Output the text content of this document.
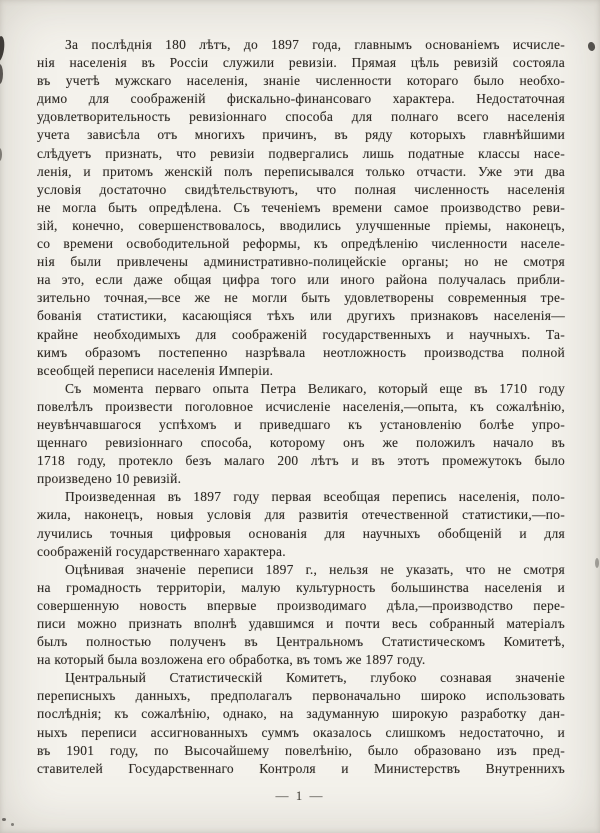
За послѣднія 180 лѣтъ, до 1897 года, главнымъ основаніемъ исчисле-
нія населенія въ Россіи служили ревизіи. Прямая цѣль ревизій состояла
въ учетѣ мужскаго населенія, знаніе численности котораго было необхо-
димо для соображеній фискально-финансоваго характера. Недостаточная
удовлетворительность ревизіоннаго способа для полнаго всего населенія
учета зависѣла отъ многихъ причинъ, въ ряду которыхъ главнѣйшими
слѣдуетъ признать, что ревизіи подвергались лишь податные классы насе-
ленія, и притомъ женскій полъ переписывался только отчасти. Уже эти два
условія достаточно свидѣтельствуютъ, что полная численность населенія
не могла быть опредѣлена. Съ теченіемъ времени самое производство реви-
зій, конечно, совершенствовалось, вводились улучшенные пріемы, наконецъ,
со времени освободительной реформы, къ опредѣленію численности населе-
нія были привлечены административно-полицейскіе органы; но не смотря
на это, если даже общая цифра того или иного района получалась прибли-
зительно точная,—все же не могли быть удовлетворены современныя тре-
бованія статистики, касающіяся тѣхъ или другихъ признаковъ населенія—
крайне необходимыхъ для соображеній государственныхъ и научныхъ. Та-
кимъ образомъ постепенно назрѣвала неотложность производства полной
всеобщей переписи населенія Имперіи.
Съ момента перваго опыта Петра Великаго, который еще въ 1710 году
повелѣлъ произвести поголовное исчисленіе населенія,—опыта, къ сожалѣнію,
неувѣнчавшагося успѣхомъ и приведшаго къ установленію болѣе упро-
щеннаго ревизіоннаго способа, которому онъ же положилъ начало въ
1718 году, протекло безъ малаго 200 лѣтъ и въ этотъ промежутокъ было
произведено 10 ревизій.
Произведенная въ 1897 году первая всеобщая перепись населенія, поло-
жила, наконецъ, новыя условія для развитія отечественной статистики,—по-
лучились точныя цифровыя основанія для научныхъ обобщеній и для
соображеній государственнаго характера.
Оцѣнивая значеніе переписи 1897 г., нельзя не указать, что не смотря
на громадность территоріи, малую культурность большинства населенія и
совершенную новость впервые производимаго дѣла,—производство пере-
писи можно признать вполнѣ удавшимся и почти весь собранный матеріалъ
былъ полностью полученъ въ Центральномъ Статистическомъ Комитетѣ,
на который была возложена его обработка, въ томъ же 1897 году.
Центральный Статистическій Комитетъ, глубоко сознавая значеніе
переписныхъ данныхъ, предполагалъ первоначально широко использовать
послѣднія; къ сожалѣнію, однако, на задуманную широкую разработку дан-
ныхъ переписи ассигнованныхъ суммъ оказалось слишкомъ недостаточно, и
въ 1901 году, по Высочайшему повелѣнію, было образовано изъ пред-
ставителей Государственнаго Контроля и Министерствъ Внутреннихъ
— 1 —
